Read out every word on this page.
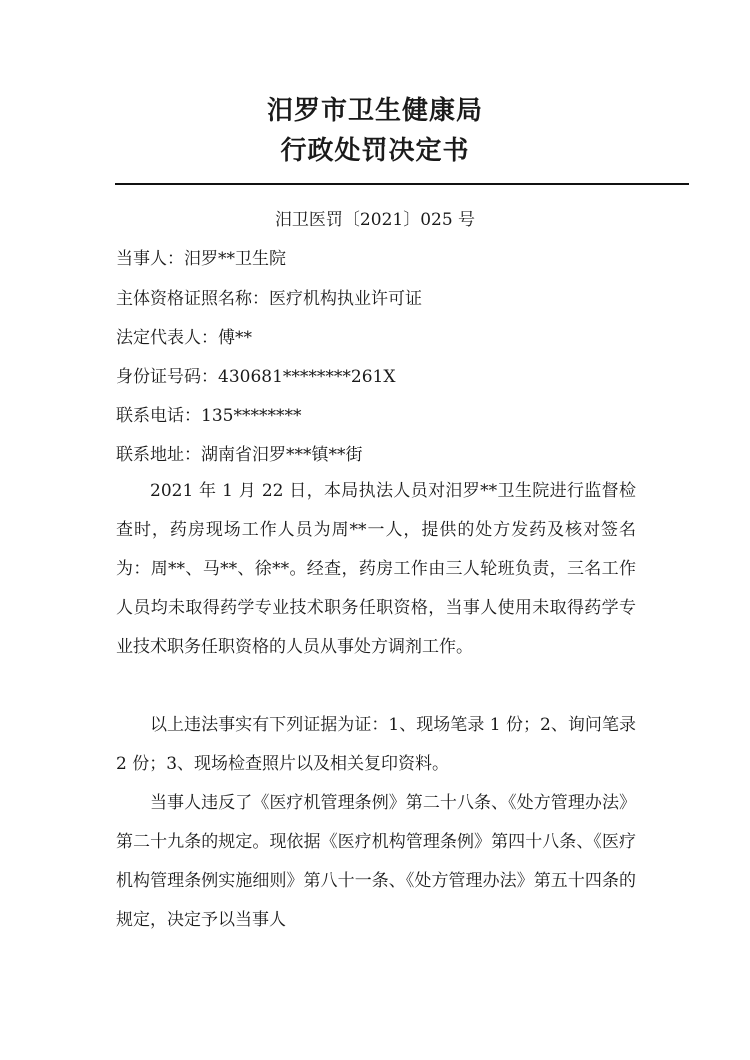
汨罗市卫生健康局
行政处罚决定书
汨卫医罚〔2021〕025 号
当事人：汨罗**卫生院
主体资格证照名称：医疗机构执业许可证
法定代表人：傅**
身份证号码：430681********261X
联系电话：135********
联系地址：湖南省汨罗***镇**街
2021 年 1 月 22 日，本局执法人员对汨罗**卫生院进行监督检查时，药房现场工作人员为周**一人，提供的处方发药及核对签名为：周**、马**、徐**。经查，药房工作由三人轮班负责，三名工作人员均未取得药学专业技术职务任职资格，当事人使用未取得药学专业技术职务任职资格的人员从事处方调剂工作。
以上违法事实有下列证据为证：1、现场笔录 1 份；2、询问笔录 2 份；3、现场检查照片以及相关复印资料。
当事人违反了《医疗机管理条例》第二十八条、《处方管理办法》第二十九条的规定。现依据《医疗机构管理条例》第四十八条、《医疗机构管理条例实施细则》第八十一条、《处方管理办法》第五十四条的规定，决定予以当事人
